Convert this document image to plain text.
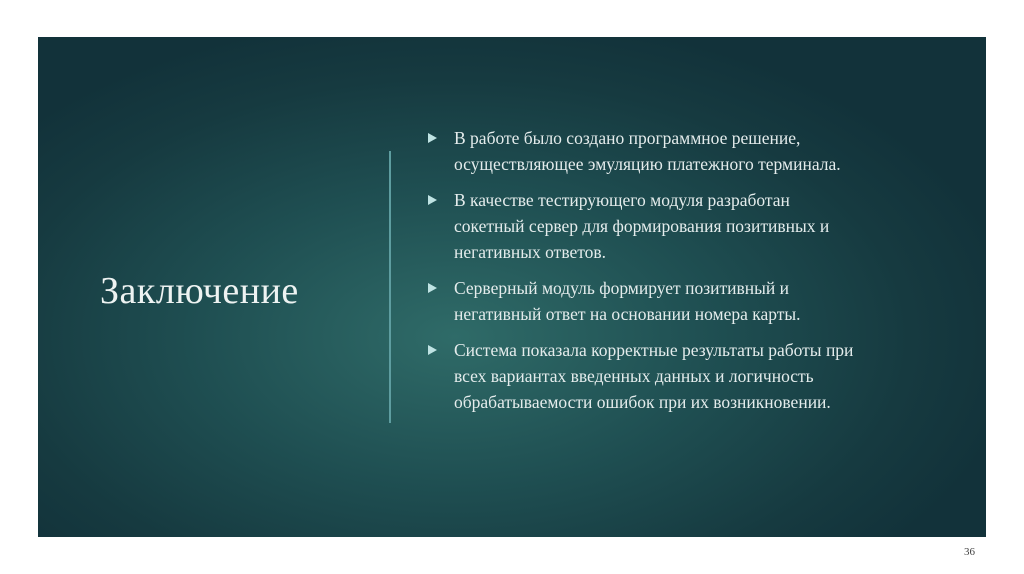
Заключение
В работе было создано программное решение,
осуществляющее эмуляцию платежного терминала.
В качестве тестирующего модуля разработан
сокетный сервер для формирования позитивных и
негативных ответов.
Серверный модуль формирует позитивный и
негативный ответ на основании номера карты.
Система показала корректные результаты работы при
всех вариантах введенных данных и логичность
обрабатываемости ошибок при их возникновении.
36
